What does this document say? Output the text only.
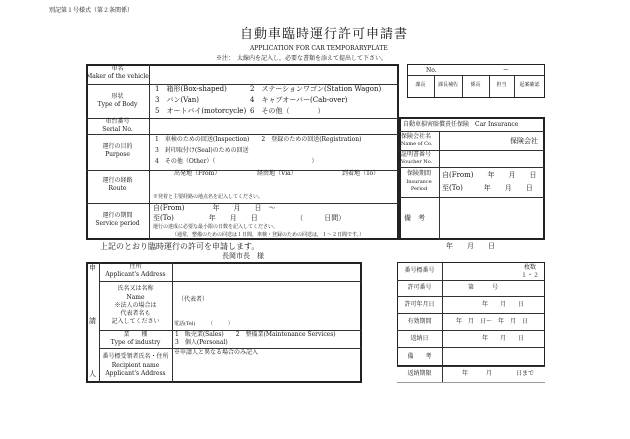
別記第１号様式（第２条関係）
自動車臨時運行許可申請書
APPLICATION FOR CAR TEMPORARYPLATE
※注：　太線内を記入し，必要な書類を添えて提出して下さい。
車名
Maker of the vehicle
形状
Type of Body
1　箱形(Box-shaped)	2　ステーションワゴン(Station Wagon)
3　バン(Van)	4　キャブオーバー(Cab-over)
5　オートバイ(motorcycle) 6　その他（　　　　）
車台番号
Serial No.
運行の目的
Purpose
1　車検のための回送(Inspection)　　2　登録のための回送(Registration)
3　封印取付け(Seal)のための回送
4　その他（Other）（　　　　　　　　　　　　　　　　）
運行の経路
Route
出発地（From）	経由地（Via）	到着地（To）
※発着と主要経路の地点名を記入してください。
運行の期間
Service period
自(From)　　　　年　　月　　日　～
至(To)　　　　　年　　月　　日　　　　　　（　　　日間）
運行の達成に必要な最小限の日数を記入してください。
（通常，整備のための回送は１日間，車検・登録のための回送は，１～２日間です。）
No.	ー
課長	課長補佐	係長	担当	起案確認
自動車損害賠償責任保険　Car Insurance
保険会社名
Name of Co.	保険会社
証明書番号
Voucher No.
保険期間
Insurance
Period
自(From)　　年　　月　　日
至(To)　　　年　　月　　日
備　考
上記のとおり臨時運行の許可を申請します。	年　　月　　日
長岡市長　様
申
請
人
住所
Applicant's Address
氏名又は名称
Name
※法人の場合は
代表者名も
記入してください
（代表者）
電話(Tel)　　　（　　　）
業　　種
Type of industry
1　販売業(Sales)　　2　整備業(Maintenance Services)
3　個人(Personal)
番号標受領者氏名・住所
Recipient name
Applicant's Address
※申請人と異なる場合のみ記入
番号標番号	枚数
１・２
許可番号	第　　　号
許可年月日	年　　月　　日
有効期間	年　月　日～　年　月　日
返納日	年　　月　　日
備　　考
返納期限	年　　　月　　　　日まで
